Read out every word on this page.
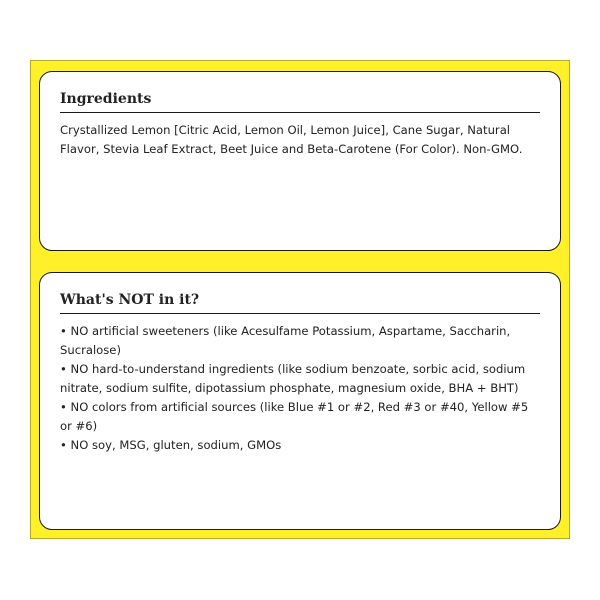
Ingredients
Crystallized Lemon [Citric Acid, Lemon Oil, Lemon Juice], Cane Sugar, Natural Flavor, Stevia Leaf Extract, Beet Juice and Beta-Carotene (For Color). Non-GMO.
What's NOT in it?
• NO artificial sweeteners (like Acesulfame Potassium, Aspartame, Saccharin, Sucralose)
• NO hard-to-understand ingredients (like sodium benzoate, sorbic acid, sodium nitrate, sodium sulfite, dipotassium phosphate, magnesium oxide, BHA + BHT)
• NO colors from artificial sources (like Blue #1 or #2, Red #3 or #40, Yellow #5 or #6)
• NO soy, MSG, gluten, sodium, GMOs
